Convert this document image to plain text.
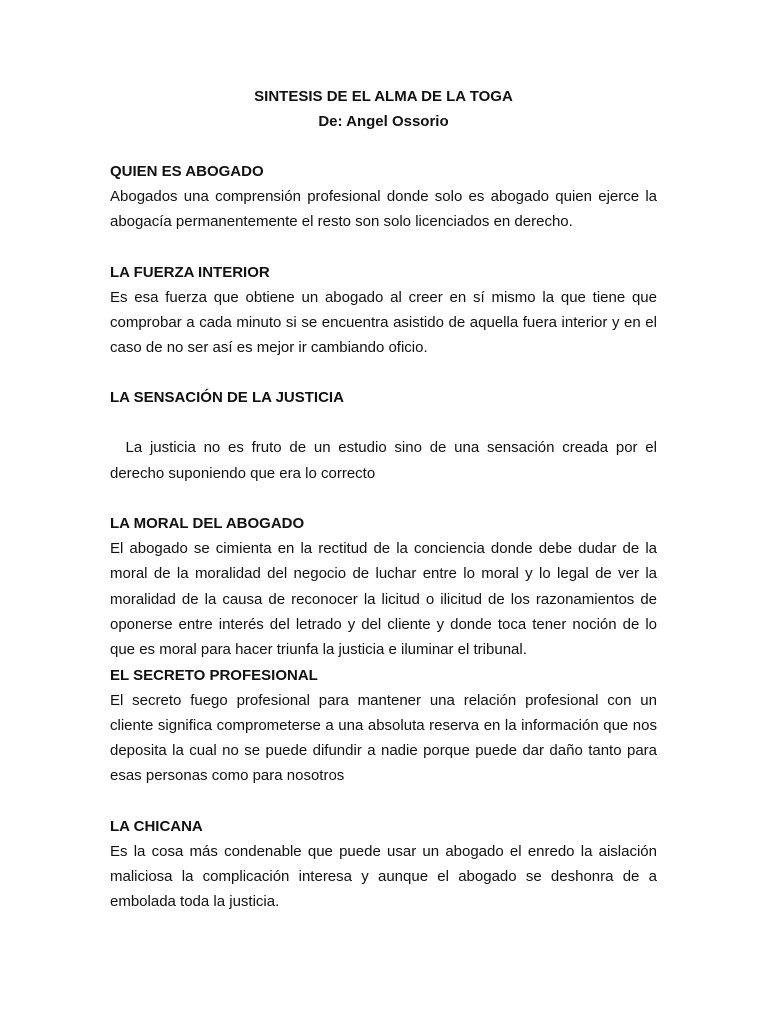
SINTESIS DE EL ALMA DE LA TOGA

De: Angel Ossorio

QUIEN ES ABOGADO

Abogados una comprensión profesional donde solo es abogado quien ejerce la abogacía permanentemente el resto son solo licenciados en derecho.

LA FUERZA INTERIOR

Es esa fuerza que obtiene un abogado al creer en sí mismo la que tiene que comprobar a cada minuto si se encuentra asistido de aquella fuera interior y en el caso de no ser así es mejor ir cambiando oficio.

LA SENSACIÓN DE LA JUSTICIA

La justicia no es fruto de un estudio sino de una sensación creada por el derecho suponiendo que era lo correcto

LA MORAL DEL ABOGADO

El abogado se cimienta en la rectitud de la conciencia donde debe dudar de la moral de la moralidad del negocio de luchar entre lo moral y lo legal de ver la moralidad de la causa de reconocer la licitud o ilicitud de los razonamientos de oponerse entre interés del letrado y del cliente y donde toca tener noción de lo que es moral para hacer triunfa la justicia e iluminar el tribunal.

EL SECRETO PROFESIONAL

El secreto fuego profesional para mantener una relación profesional con un cliente significa comprometerse a una absoluta reserva en la información que nos deposita la cual no se puede difundir a nadie porque puede dar daño tanto para esas personas como para nosotros

LA CHICANA

Es la cosa más condenable que puede usar un abogado el enredo la aislación maliciosa la complicación interesa y aunque el abogado se deshonra de a embolada toda la justicia.
